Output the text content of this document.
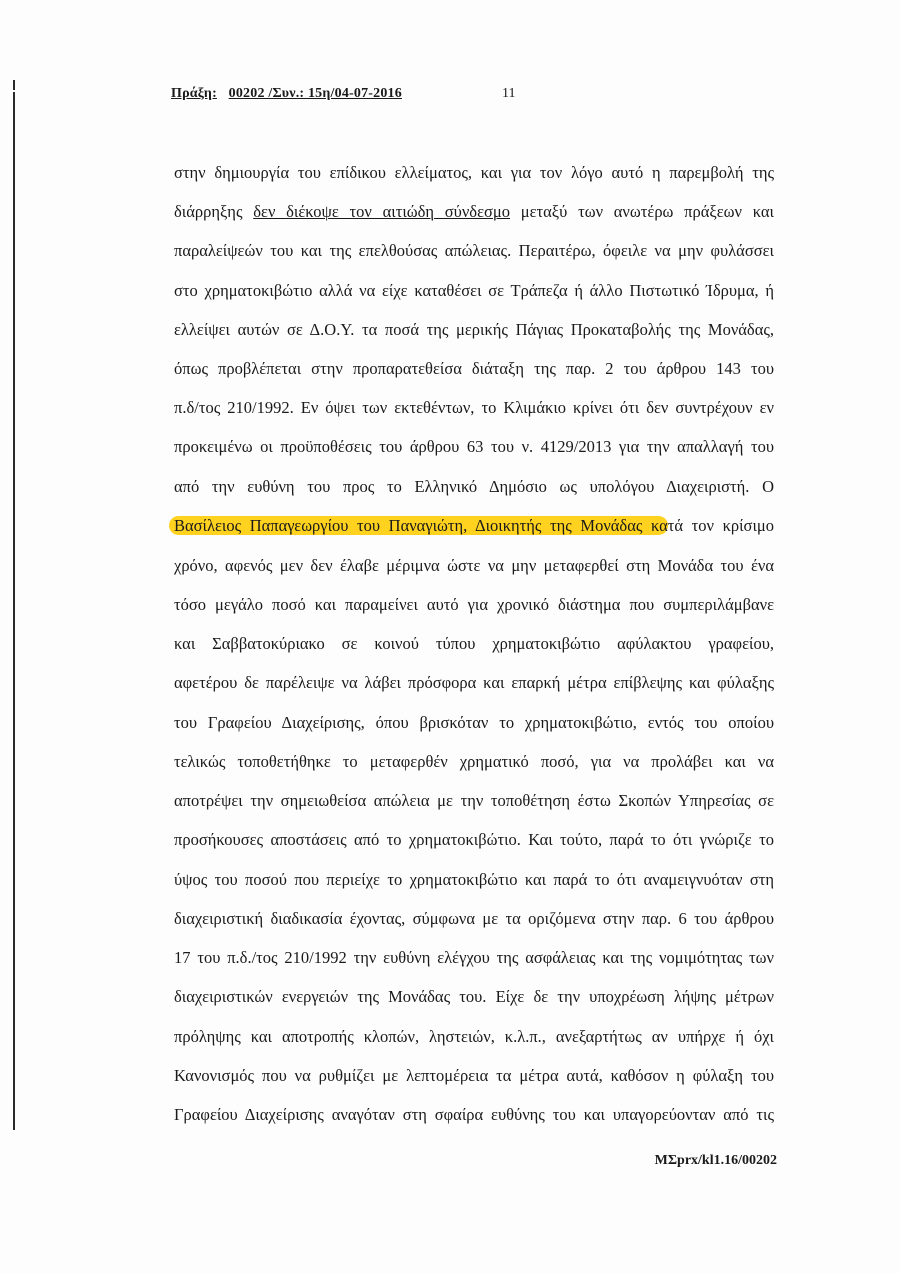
Πράξη: 00202 /Συν.: 15η/04-07-2016	11
στην δημιουργία του επίδικου ελλείματος, και για τον λόγο αυτό η παρεμβολή της
διάρρηξης δεν διέκοψε τον αιτιώδη σύνδεσμο μεταξύ των ανωτέρω πράξεων και
παραλείψεών του και της επελθούσας απώλειας. Περαιτέρω, όφειλε να μην φυλάσσει
στο χρηματοκιβώτιο αλλά να είχε καταθέσει σε Τράπεζα ή άλλο Πιστωτικό Ίδρυμα, ή
ελλείψει αυτών σε Δ.Ο.Υ. τα ποσά της μερικής Πάγιας Προκαταβολής της Μονάδας,
όπως προβλέπεται στην προπαρατεθείσα διάταξη της παρ. 2 του άρθρου 143 του
π.δ/τος 210/1992. Εν όψει των εκτεθέντων, το Κλιμάκιο κρίνει ότι δεν συντρέχουν εν
προκειμένω οι προϋποθέσεις του άρθρου 63 του ν. 4129/2013 για την απαλλαγή του
από την ευθύνη του προς το Ελληνικό Δημόσιο ως υπολόγου Διαχειριστή. Ο
Βασίλειος Παπαγεωργίου του Παναγιώτη, Διοικητής της Μονάδας κατά τον κρίσιμο
χρόνο, αφενός μεν δεν έλαβε μέριμνα ώστε να μην μεταφερθεί στη Μονάδα του ένα
τόσο μεγάλο ποσό και παραμείνει αυτό για χρονικό διάστημα που συμπεριλάμβανε
και Σαββατοκύριακο σε κοινού τύπου χρηματοκιβώτιο αφύλακτου γραφείου,
αφετέρου δε παρέλειψε να λάβει πρόσφορα και επαρκή μέτρα επίβλεψης και φύλαξης
του Γραφείου Διαχείρισης, όπου βρισκόταν το χρηματοκιβώτιο, εντός του οποίου
τελικώς τοποθετήθηκε το μεταφερθέν χρηματικό ποσό, για να προλάβει και να
αποτρέψει την σημειωθείσα απώλεια με την τοποθέτηση έστω Σκοπών Υπηρεσίας σε
προσήκουσες αποστάσεις από το χρηματοκιβώτιο. Και τούτο, παρά το ότι γνώριζε το
ύψος του ποσού που περιείχε το χρηματοκιβώτιο και παρά το ότι αναμειγνυόταν στη
διαχειριστική διαδικασία έχοντας, σύμφωνα με τα οριζόμενα στην παρ. 6 του άρθρου
17 του π.δ./τος 210/1992 την ευθύνη ελέγχου της ασφάλειας και της νομιμότητας των
διαχειριστικών ενεργειών της Μονάδας του. Είχε δε την υποχρέωση λήψης μέτρων
πρόληψης και αποτροπής κλοπών, ληστειών, κ.λ.π., ανεξαρτήτως αν υπήρχε ή όχι
Κανονισμός που να ρυθμίζει με λεπτομέρεια τα μέτρα αυτά, καθόσον η φύλαξη του
Γραφείου Διαχείρισης αναγόταν στη σφαίρα ευθύνης του και υπαγορεύονταν από τις
ΜΣprx/kl1.16/00202
